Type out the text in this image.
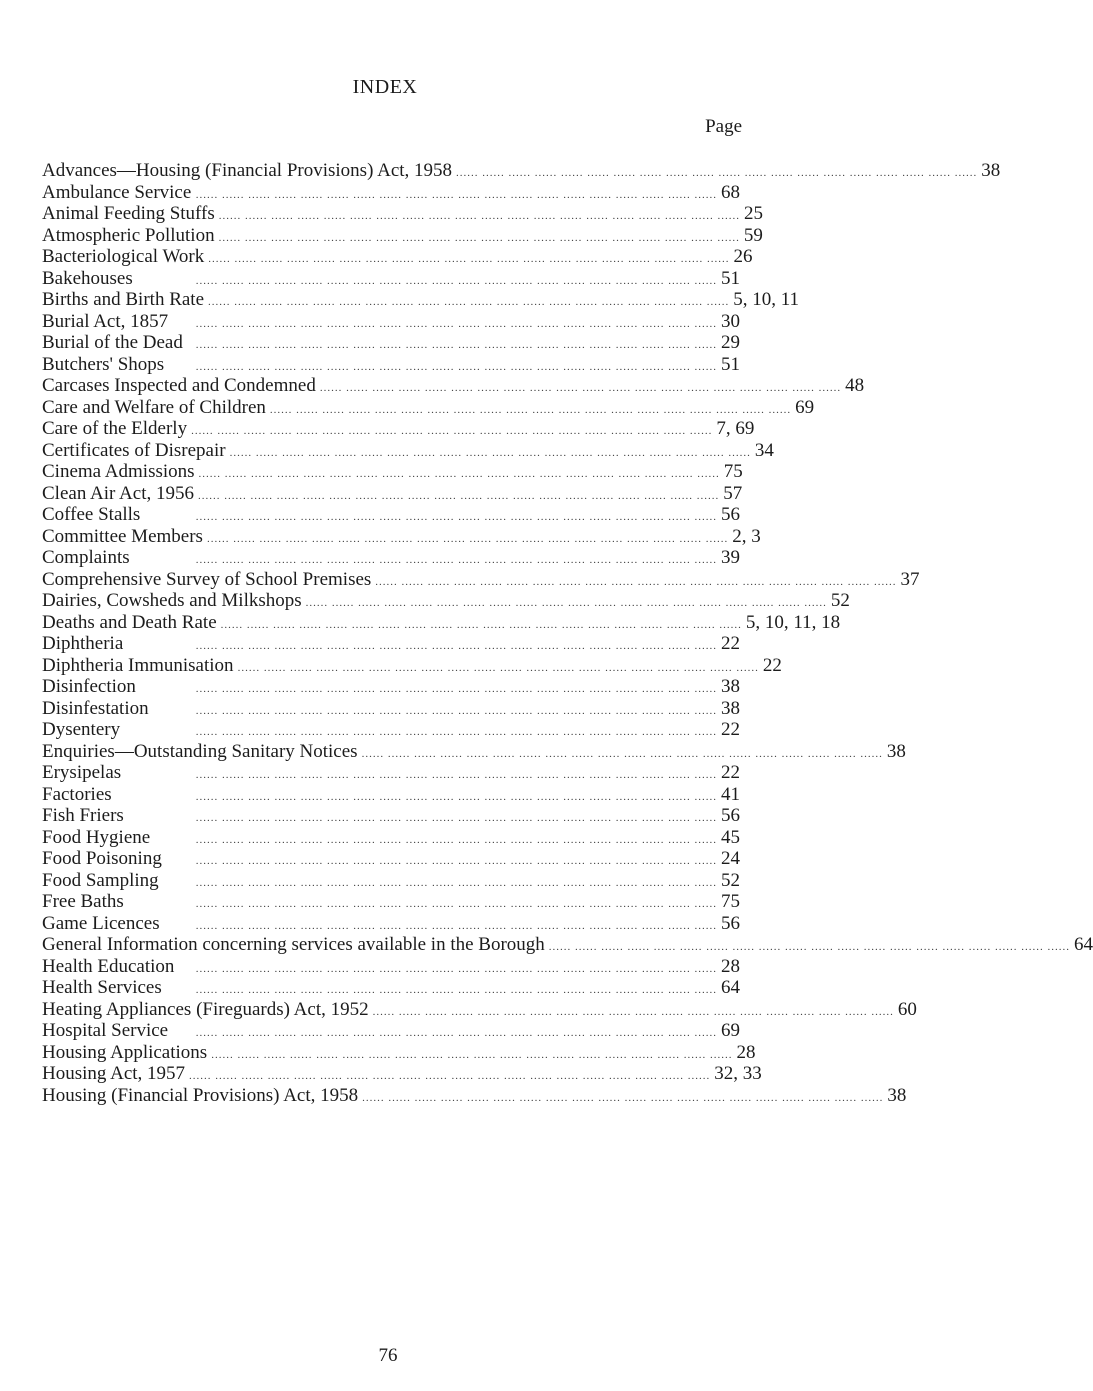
INDEX
Page
Advances—Housing (Financial Provisions) Act, 1958 ...... ...... ...... ...... ...... ...... ...... ...... ...... ...... ...... ...... ...... ...... ...... ...... ...... ...... ...... ...... 38
Ambulance Service ...... ...... ...... ...... ...... ...... ...... ...... ...... ...... ...... ...... ...... ...... ...... ...... ...... ...... ...... ...... 68
Animal Feeding Stuffs ...... ...... ...... ...... ...... ...... ...... ...... ...... ...... ...... ...... ...... ...... ...... ...... ...... ...... ...... ...... 25
Atmospheric Pollution ...... ...... ...... ...... ...... ...... ...... ...... ...... ...... ...... ...... ...... ...... ...... ...... ...... ...... ...... ...... 59
Bacteriological Work ...... ...... ...... ...... ...... ...... ...... ...... ...... ...... ...... ...... ...... ...... ...... ...... ...... ...... ...... ...... 26
Bakehouses	...... ...... ...... ...... ...... ...... ...... ...... ...... ...... ...... ...... ...... ...... ...... ...... ...... ...... ...... ...... 51
Births and Birth Rate ...... ...... ...... ...... ...... ...... ...... ...... ...... ...... ...... ...... ...... ...... ...... ...... ...... ...... ...... ...... 5, 10, 11
Burial Act, 1857	...... ...... ...... ...... ...... ...... ...... ...... ...... ...... ...... ...... ...... ...... ...... ...... ...... ...... ...... ...... 30
Burial of the Dead	...... ...... ...... ...... ...... ...... ...... ...... ...... ...... ...... ...... ...... ...... ...... ...... ...... ...... ...... ...... 29
Butchers' Shops	...... ...... ...... ...... ...... ...... ...... ...... ...... ...... ...... ...... ...... ...... ...... ...... ...... ...... ...... ...... 51
Carcases Inspected and Condemned ...... ...... ...... ...... ...... ...... ...... ...... ...... ...... ...... ...... ...... ...... ...... ...... ...... ...... ...... ...... 48
Care and Welfare of Children ...... ...... ...... ...... ...... ...... ...... ...... ...... ...... ...... ...... ...... ...... ...... ...... ...... ...... ...... ...... 69
Care of the Elderly ...... ...... ...... ...... ...... ...... ...... ...... ...... ...... ...... ...... ...... ...... ...... ...... ...... ...... ...... ...... 7, 69
Certificates of Disrepair ...... ...... ...... ...... ...... ...... ...... ...... ...... ...... ...... ...... ...... ...... ...... ...... ...... ...... ...... ...... 34
Cinema Admissions ...... ...... ...... ...... ...... ...... ...... ...... ...... ...... ...... ...... ...... ...... ...... ...... ...... ...... ...... ...... 75
Clean Air Act, 1956 ...... ...... ...... ...... ...... ...... ...... ...... ...... ...... ...... ...... ...... ...... ...... ...... ...... ...... ...... ...... 57
Coffee Stalls	...... ...... ...... ...... ...... ...... ...... ...... ...... ...... ...... ...... ...... ...... ...... ...... ...... ...... ...... ...... 56
Committee Members ...... ...... ...... ...... ...... ...... ...... ...... ...... ...... ...... ...... ...... ...... ...... ...... ...... ...... ...... ...... 2, 3
Complaints	...... ...... ...... ...... ...... ...... ...... ...... ...... ...... ...... ...... ...... ...... ...... ...... ...... ...... ...... ...... 39
Comprehensive Survey of School Premises ...... ...... ...... ...... ...... ...... ...... ...... ...... ...... ...... ...... ...... ...... ...... ...... ...... ...... ...... ...... 37
Dairies, Cowsheds and Milkshops ...... ...... ...... ...... ...... ...... ...... ...... ...... ...... ...... ...... ...... ...... ...... ...... ...... ...... ...... ...... 52
Deaths and Death Rate ...... ...... ...... ...... ...... ...... ...... ...... ...... ...... ...... ...... ...... ...... ...... ...... ...... ...... ...... ...... 5, 10, 11, 18
Diphtheria	...... ...... ...... ...... ...... ...... ...... ...... ...... ...... ...... ...... ...... ...... ...... ...... ...... ...... ...... ...... 22
Diphtheria Immunisation ...... ...... ...... ...... ...... ...... ...... ...... ...... ...... ...... ...... ...... ...... ...... ...... ...... ...... ...... ...... 22
Disinfection	...... ...... ...... ...... ...... ...... ...... ...... ...... ...... ...... ...... ...... ...... ...... ...... ...... ...... ...... ...... 38
Disinfestation	...... ...... ...... ...... ...... ...... ...... ...... ...... ...... ...... ...... ...... ...... ...... ...... ...... ...... ...... ...... 38
Dysentery	...... ...... ...... ...... ...... ...... ...... ...... ...... ...... ...... ...... ...... ...... ...... ...... ...... ...... ...... ...... 22
Enquiries—Outstanding Sanitary Notices ...... ...... ...... ...... ...... ...... ...... ...... ...... ...... ...... ...... ...... ...... ...... ...... ...... ...... ...... ...... 38
Erysipelas	...... ...... ...... ...... ...... ...... ...... ...... ...... ...... ...... ...... ...... ...... ...... ...... ...... ...... ...... ...... 22
Factories	...... ...... ...... ...... ...... ...... ...... ...... ...... ...... ...... ...... ...... ...... ...... ...... ...... ...... ...... ...... 41
Fish Friers	...... ...... ...... ...... ...... ...... ...... ...... ...... ...... ...... ...... ...... ...... ...... ...... ...... ...... ...... ...... 56
Food Hygiene	...... ...... ...... ...... ...... ...... ...... ...... ...... ...... ...... ...... ...... ...... ...... ...... ...... ...... ...... ...... 45
Food Poisoning	...... ...... ...... ...... ...... ...... ...... ...... ...... ...... ...... ...... ...... ...... ...... ...... ...... ...... ...... ...... 24
Food Sampling	...... ...... ...... ...... ...... ...... ...... ...... ...... ...... ...... ...... ...... ...... ...... ...... ...... ...... ...... ...... 52
Free Baths	...... ...... ...... ...... ...... ...... ...... ...... ...... ...... ...... ...... ...... ...... ...... ...... ...... ...... ...... ...... 75
Game Licences	...... ...... ...... ...... ...... ...... ...... ...... ...... ...... ...... ...... ...... ...... ...... ...... ...... ...... ...... ...... 56
General Information concerning services available in the Borough ...... ...... ...... ...... ...... ...... ...... ...... ...... ...... ...... ...... ...... ...... ...... ...... ...... ...... ...... ...... 64
Health Education	...... ...... ...... ...... ...... ...... ...... ...... ...... ...... ...... ...... ...... ...... ...... ...... ...... ...... ...... ...... 28
Health Services	...... ...... ...... ...... ...... ...... ...... ...... ...... ...... ...... ...... ...... ...... ...... ...... ...... ...... ...... ...... 64
Heating Appliances (Fireguards) Act, 1952 ...... ...... ...... ...... ...... ...... ...... ...... ...... ...... ...... ...... ...... ...... ...... ...... ...... ...... ...... ...... 60
Hospital Service	...... ...... ...... ...... ...... ...... ...... ...... ...... ...... ...... ...... ...... ...... ...... ...... ...... ...... ...... ...... 69
Housing Applications ...... ...... ...... ...... ...... ...... ...... ...... ...... ...... ...... ...... ...... ...... ...... ...... ...... ...... ...... ...... 28
Housing Act, 1957 ...... ...... ...... ...... ...... ...... ...... ...... ...... ...... ...... ...... ...... ...... ...... ...... ...... ...... ...... ...... 32, 33
Housing (Financial Provisions) Act, 1958 ...... ...... ...... ...... ...... ...... ...... ...... ...... ...... ...... ...... ...... ...... ...... ...... ...... ...... ...... ...... 38
76
